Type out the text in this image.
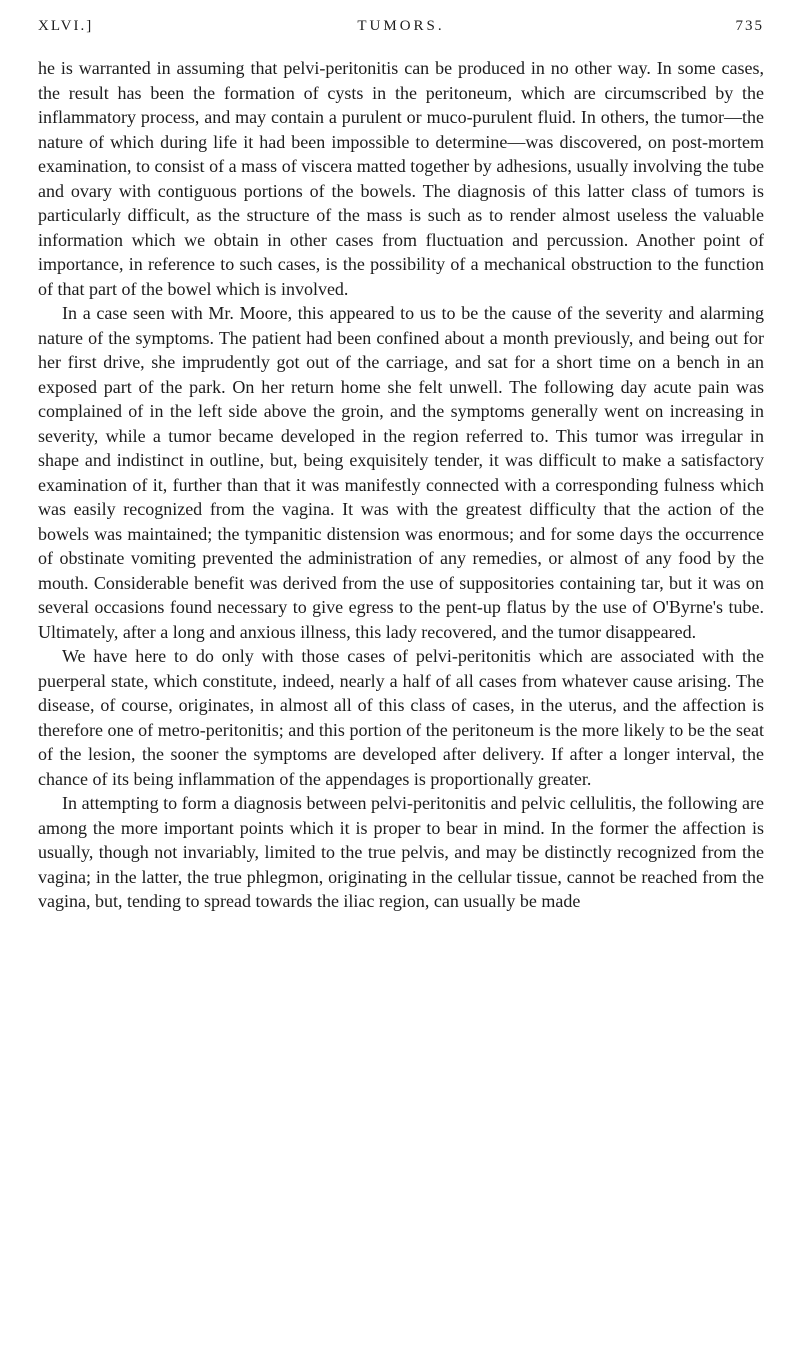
XLVI.]	TUMORS.	735

he is warranted in assuming that pelvi-peritonitis can be produced in no other way. In some cases, the result has been the formation of cysts in the peritoneum, which are circumscribed by the inflammatory process, and may contain a purulent or muco-purulent fluid. In others, the tumor—the nature of which during life it had been impossible to determine—was discovered, on post-mortem examination, to consist of a mass of viscera matted together by adhesions, usually involving the tube and ovary with contiguous portions of the bowels. The diagnosis of this latter class of tumors is particularly difficult, as the structure of the mass is such as to render almost useless the valuable information which we obtain in other cases from fluctuation and percussion. Another point of importance, in reference to such cases, is the possibility of a mechanical obstruction to the function of that part of the bowel which is involved.

In a case seen with Mr. Moore, this appeared to us to be the cause of the severity and alarming nature of the symptoms. The patient had been confined about a month previously, and being out for her first drive, she imprudently got out of the carriage, and sat for a short time on a bench in an exposed part of the park. On her return home she felt unwell. The following day acute pain was complained of in the left side above the groin, and the symptoms generally went on increasing in severity, while a tumor became developed in the region referred to. This tumor was irregular in shape and indistinct in outline, but, being exquisitely tender, it was difficult to make a satisfactory examination of it, further than that it was manifestly connected with a corresponding fulness which was easily recognized from the vagina. It was with the greatest difficulty that the action of the bowels was maintained; the tympanitic distension was enormous; and for some days the occurrence of obstinate vomiting prevented the administration of any remedies, or almost of any food by the mouth. Considerable benefit was derived from the use of suppositories containing tar, but it was on several occasions found necessary to give egress to the pent-up flatus by the use of O'Byrne's tube. Ultimately, after a long and anxious illness, this lady recovered, and the tumor disappeared.

We have here to do only with those cases of pelvi-peritonitis which are associated with the puerperal state, which constitute, indeed, nearly a half of all cases from whatever cause arising. The disease, of course, originates, in almost all of this class of cases, in the uterus, and the affection is therefore one of metro-peritonitis; and this portion of the peritoneum is the more likely to be the seat of the lesion, the sooner the symptoms are developed after delivery. If after a longer interval, the chance of its being inflammation of the appendages is proportionally greater.

In attempting to form a diagnosis between pelvi-peritonitis and pelvic cellulitis, the following are among the more important points which it is proper to bear in mind. In the former the affection is usually, though not invariably, limited to the true pelvis, and may be distinctly recognized from the vagina; in the latter, the true phlegmon, originating in the cellular tissue, cannot be reached from the vagina, but, tending to spread towards the iliac region, can usually be made
